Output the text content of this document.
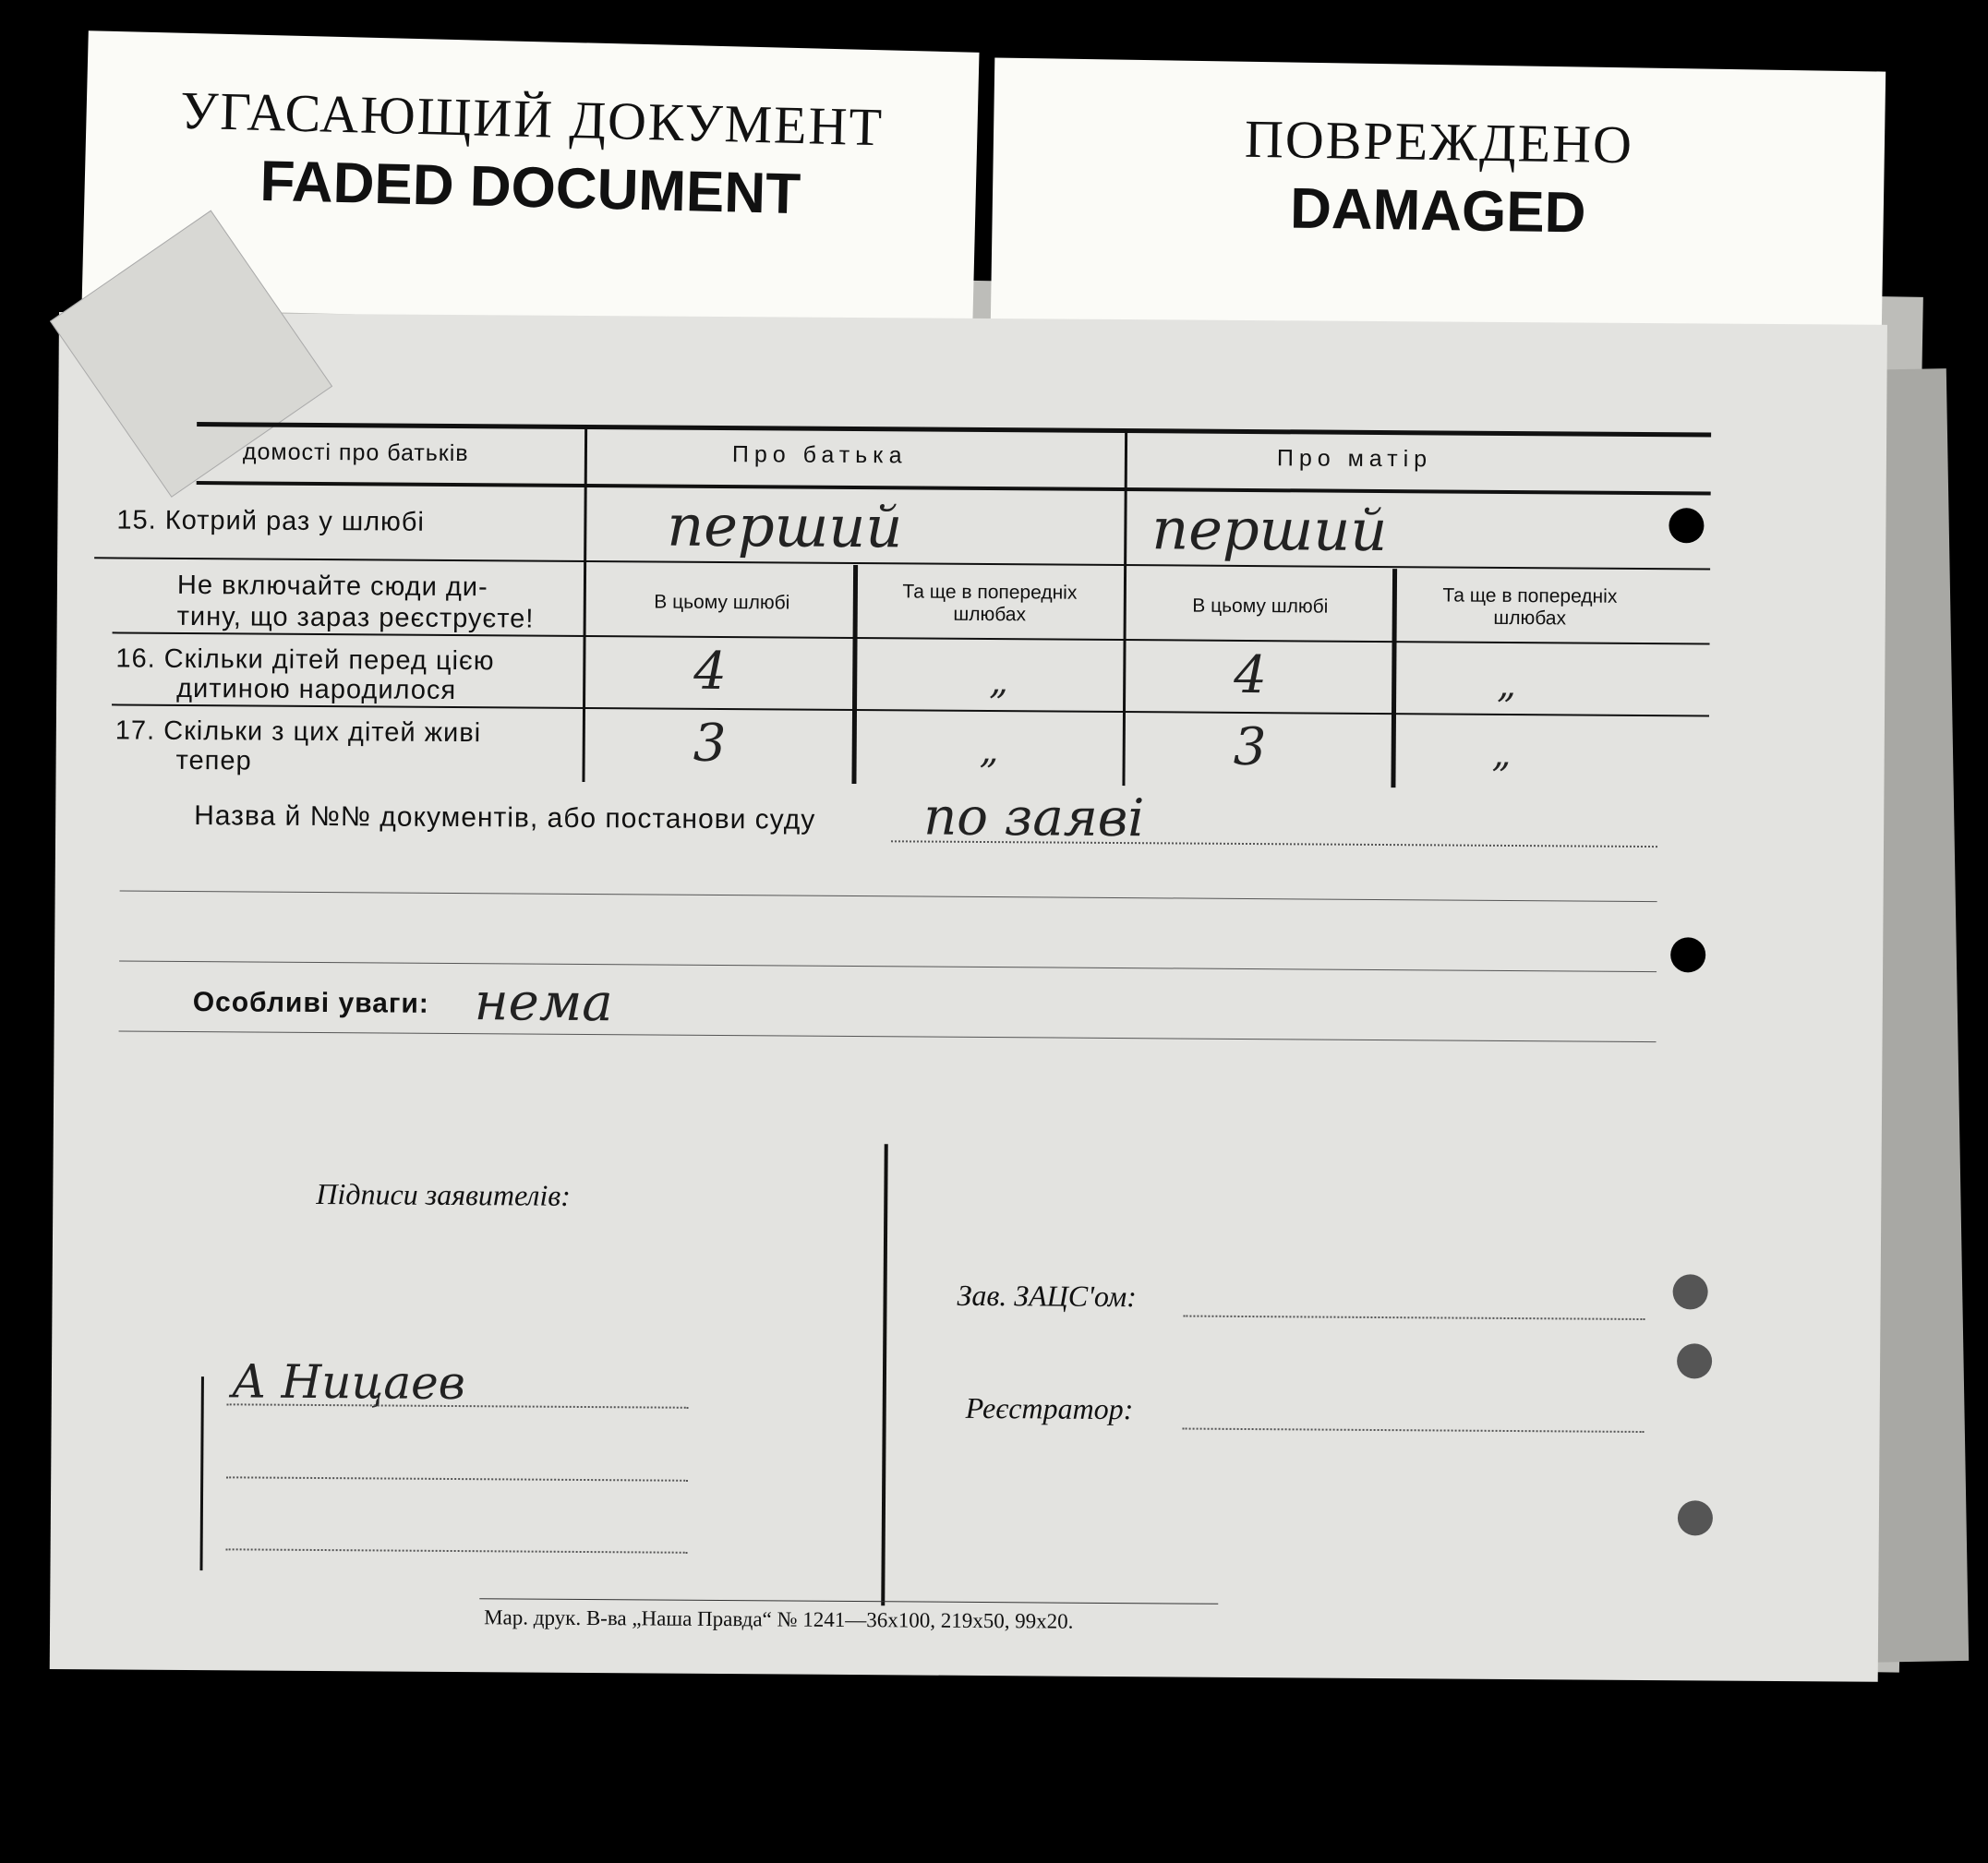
УГАСАЮЩИЙ ДОКУМЕНТ
FADED DOCUMENT
ПОВРЕЖДЕНО
DAMAGED
домості про батьків	Про батька	Про матір
15. Котрий раз у шлюбі	перший	перший
Не включайте сюди ди-
тину, що зараз реєструєте!	В цьому шлюбі	Та ще в попередніх шлюбах	В цьому шлюбі	Та ще в попередніх шлюбах
16. Скільки дітей перед цією
дитиною народилося	4	„	4	„
17. Скільки з цих дітей живі
тепер	3	„	3	„
Назва й №№ документів, або постанови суду по заяві
Особливі уваги: нема
Підписи заявителів:
А Ницаев
Зав. ЗАЦС'ом:
Реєстратор:
Мар. друк. В-ва „Наша Правда“ № 1241—36x100, 219x50, 99x20.
